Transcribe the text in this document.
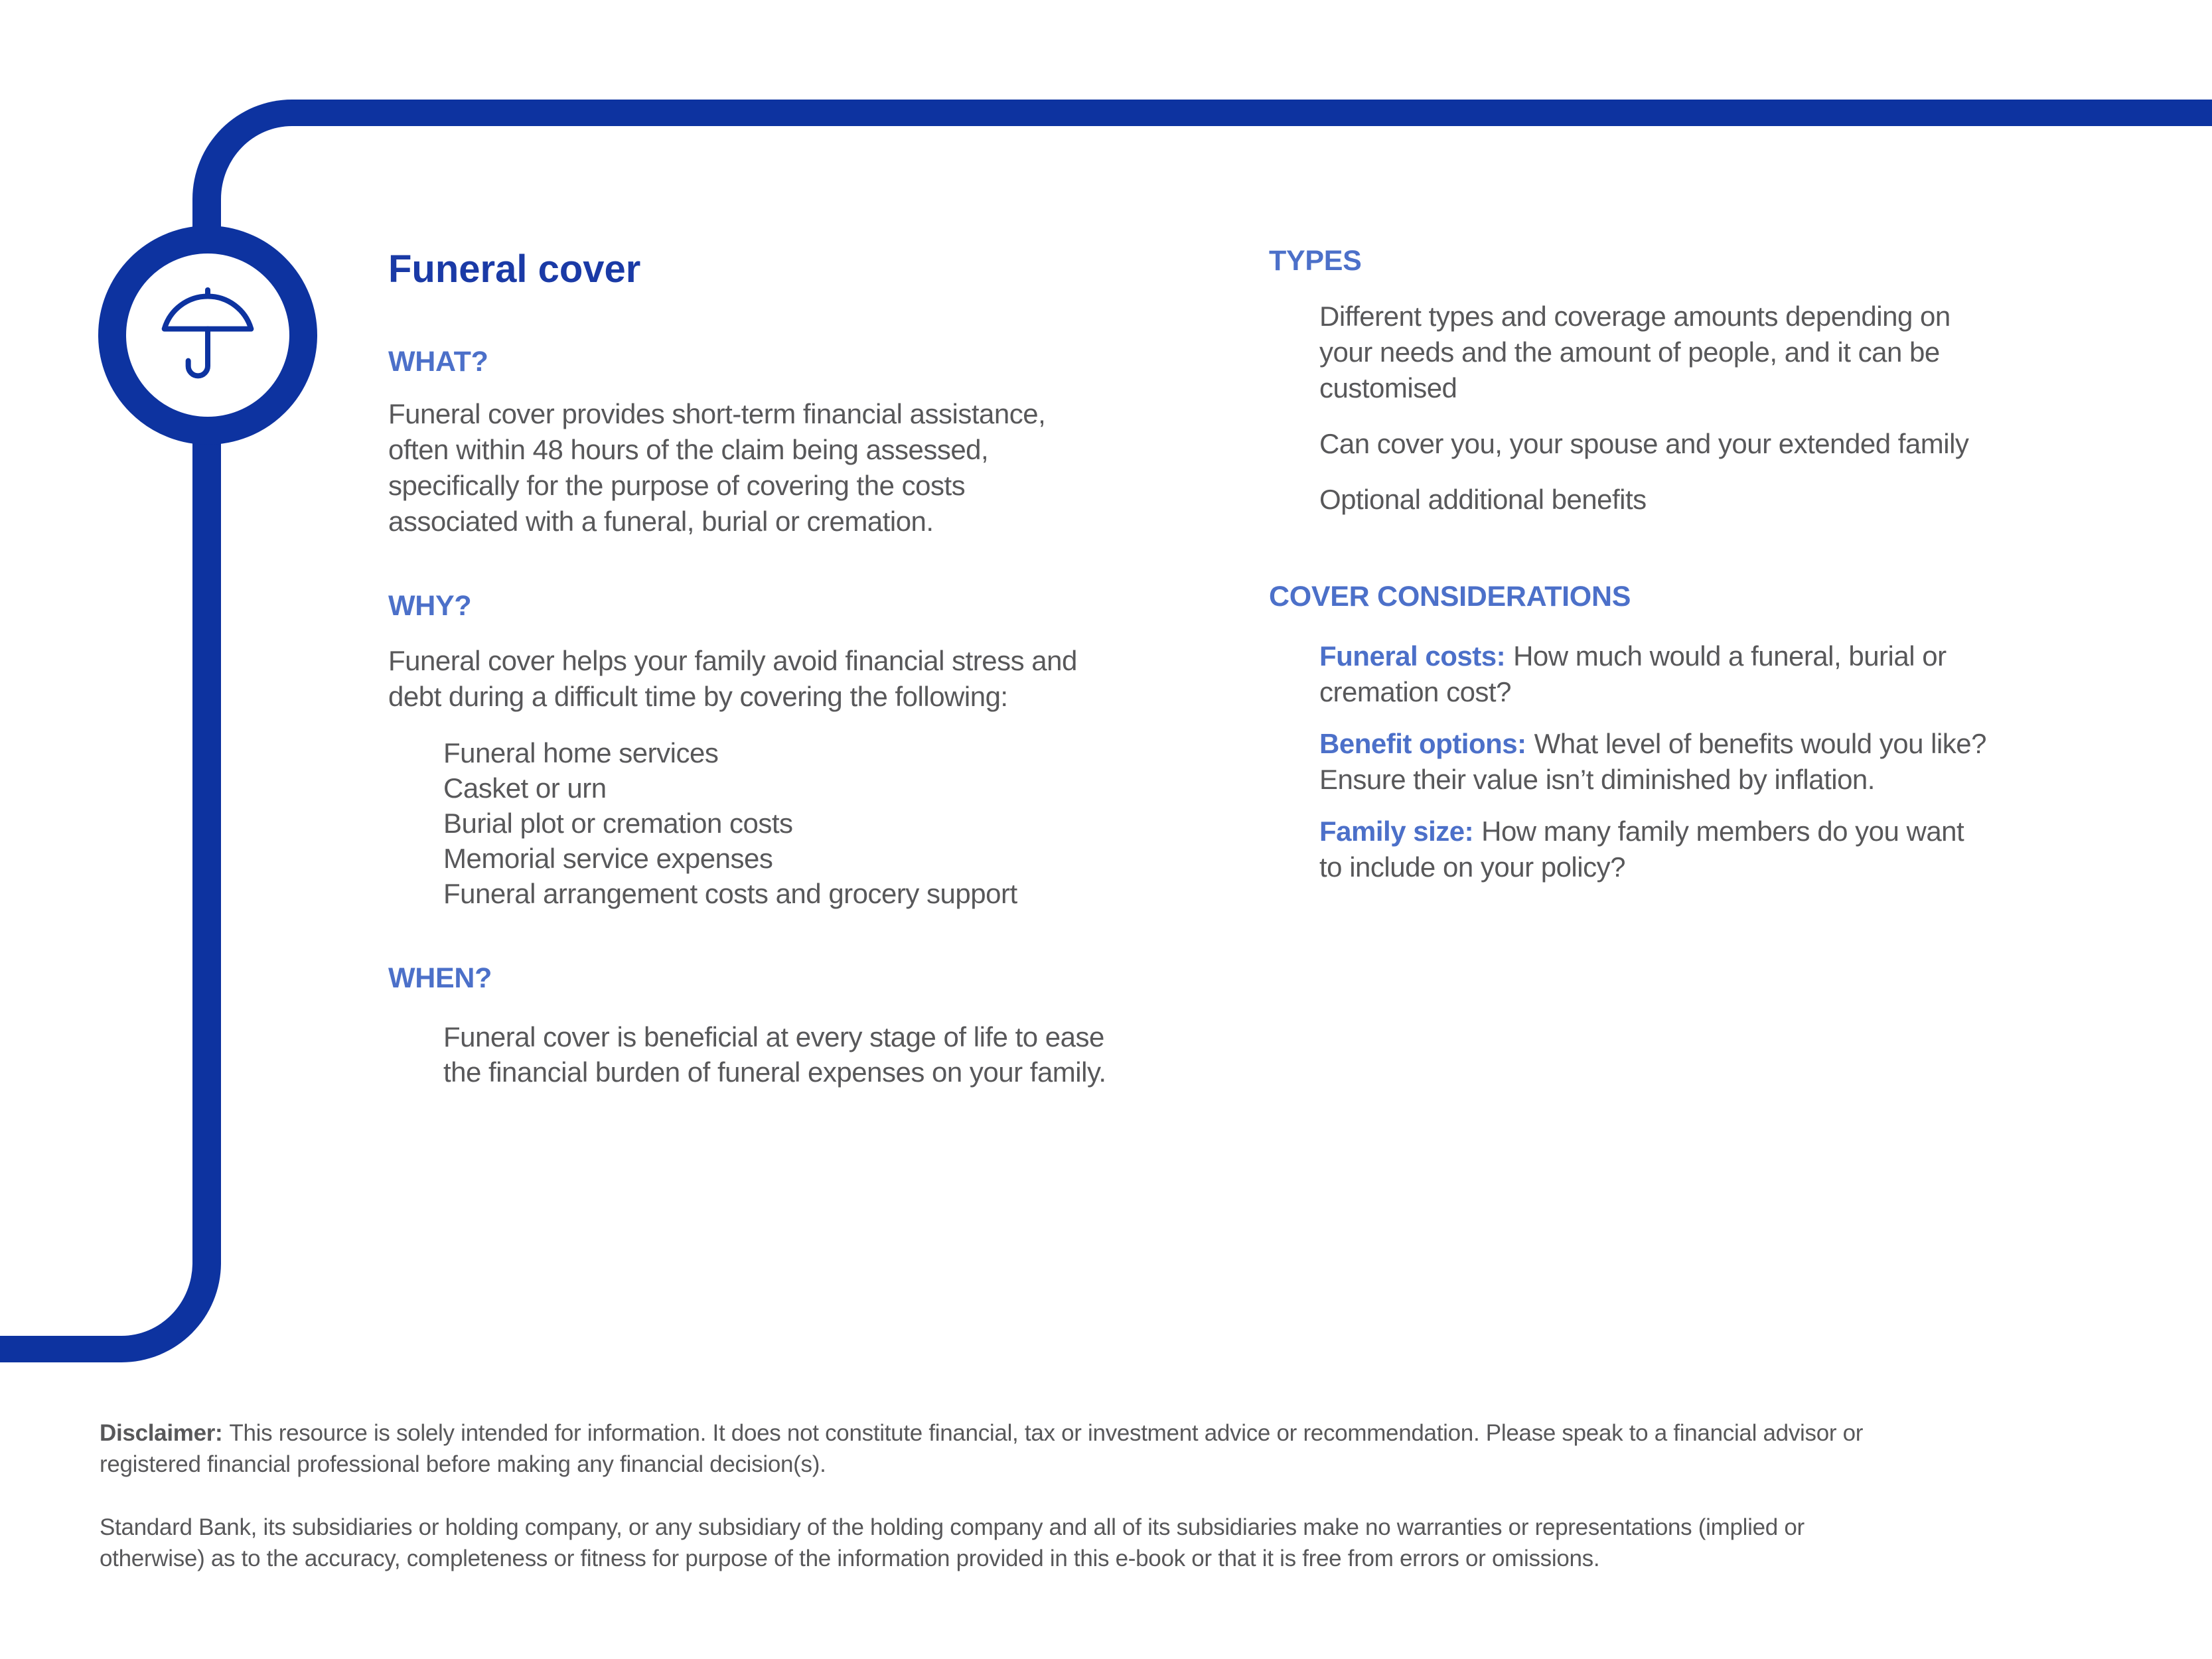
Funeral cover
WHAT?
Funeral cover provides short-term financial assistance,
often within 48 hours of the claim being assessed,
specifically for the purpose of covering the costs
associated with a funeral, burial or cremation.
WHY?
Funeral cover helps your family avoid financial stress and
debt during a difficult time by covering the following:
Funeral home services
Casket or urn
Burial plot or cremation costs
Memorial service expenses
Funeral arrangement costs and grocery support
WHEN?
Funeral cover is beneficial at every stage of life to ease
the financial burden of funeral expenses on your family.
TYPES
Different types and coverage amounts depending on
your needs and the amount of people, and it can be
customised
Can cover you, your spouse and your extended family
Optional additional benefits
COVER CONSIDERATIONS
Funeral costs: How much would a funeral, burial or
cremation cost?
Benefit options: What level of benefits would you like?
Ensure their value isn’t diminished by inflation.
Family size: How many family members do you want
to include on your policy?
Disclaimer: This resource is solely intended for information. It does not constitute financial, tax or investment advice or recommendation. Please speak to a financial advisor or
registered financial professional before making any financial decision(s).
Standard Bank, its subsidiaries or holding company, or any subsidiary of the holding company and all of its subsidiaries make no warranties or representations (implied or
otherwise) as to the accuracy, completeness or fitness for purpose of the information provided in this e-book or that it is free from errors or omissions.
